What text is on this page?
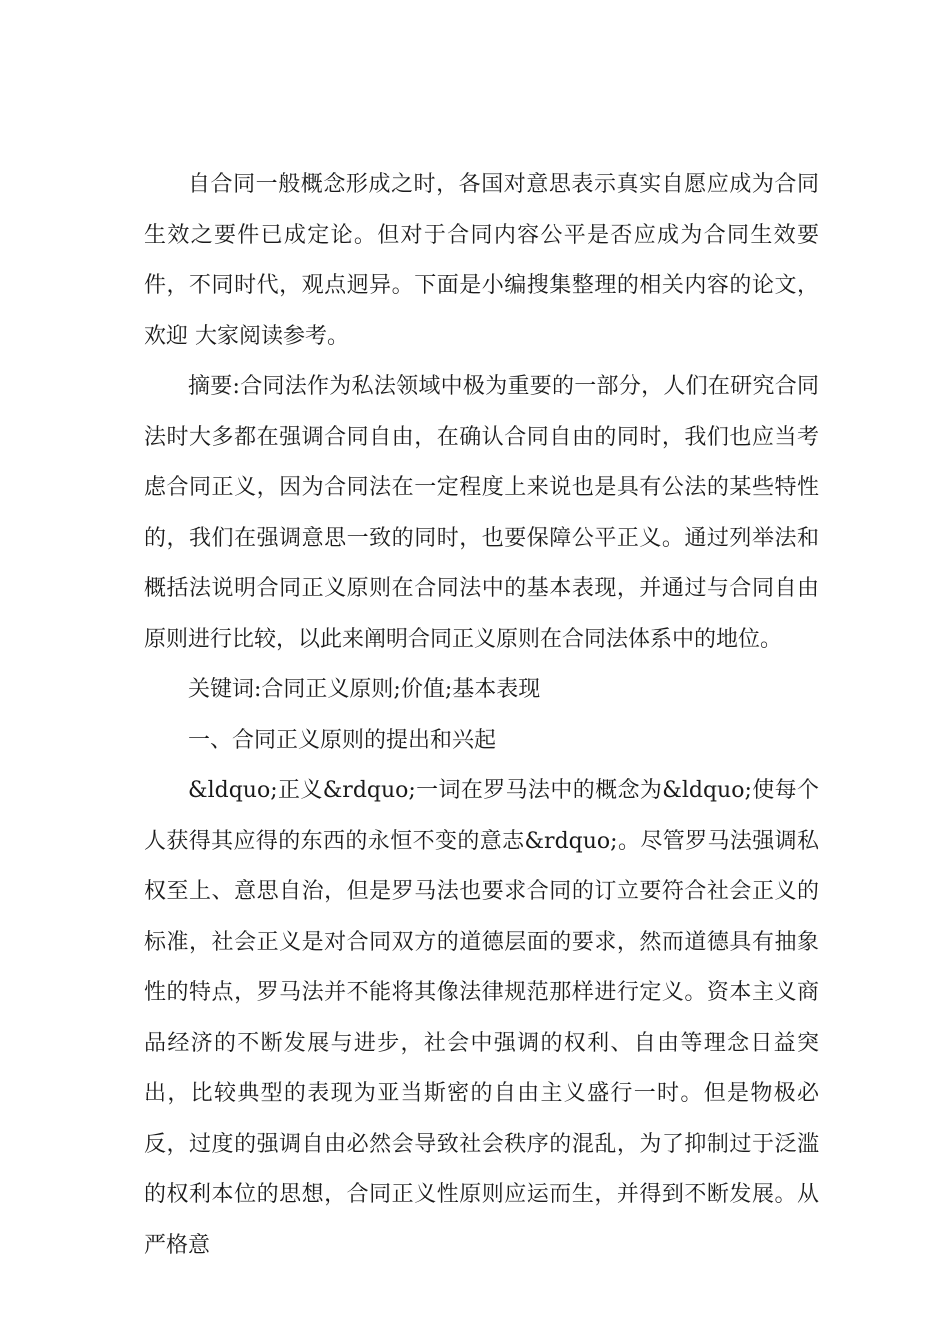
自合同一般概念形成之时，各国对意思表示真实自愿应成为合同生效之要件已成定论。但对于合同内容公平是否应成为合同生效要件，不同时代，观点迥异。下面是小编搜集整理的相关内容的论文，欢迎 大家阅读参考。

摘要:合同法作为私法领域中极为重要的一部分，人们在研究合同法时大多都在强调合同自由，在确认合同自由的同时，我们也应当考虑合同正义，因为合同法在一定程度上来说也是具有公法的某些特性的，我们在强调意思一致的同时，也要保障公平正义。通过列举法和概括法说明合同正义原则在合同法中的基本表现，并通过与合同自由原则进行比较，以此来阐明合同正义原则在合同法体系中的地位。

关键词:合同正义原则;价值;基本表现

一、合同正义原则的提出和兴起

&ldquo;正义&rdquo;一词在罗马法中的概念为&ldquo;使每个人获得其应得的东西的永恒不变的意志&rdquo;。尽管罗马法强调私权至上、意思自治，但是罗马法也要求合同的订立要符合社会正义的标准，社会正义是对合同双方的道德层面的要求，然而道德具有抽象性的特点，罗马法并不能将其像法律规范那样进行定义。资本主义商品经济的不断发展与进步，社会中强调的权利、自由等理念日益突出，比较典型的表现为亚当斯密的自由主义盛行一时。但是物极必反，过度的强调自由必然会导致社会秩序的混乱，为了抑制过于泛滥的权利本位的思想，合同正义性原则应运而生，并得到不断发展。从严格意
